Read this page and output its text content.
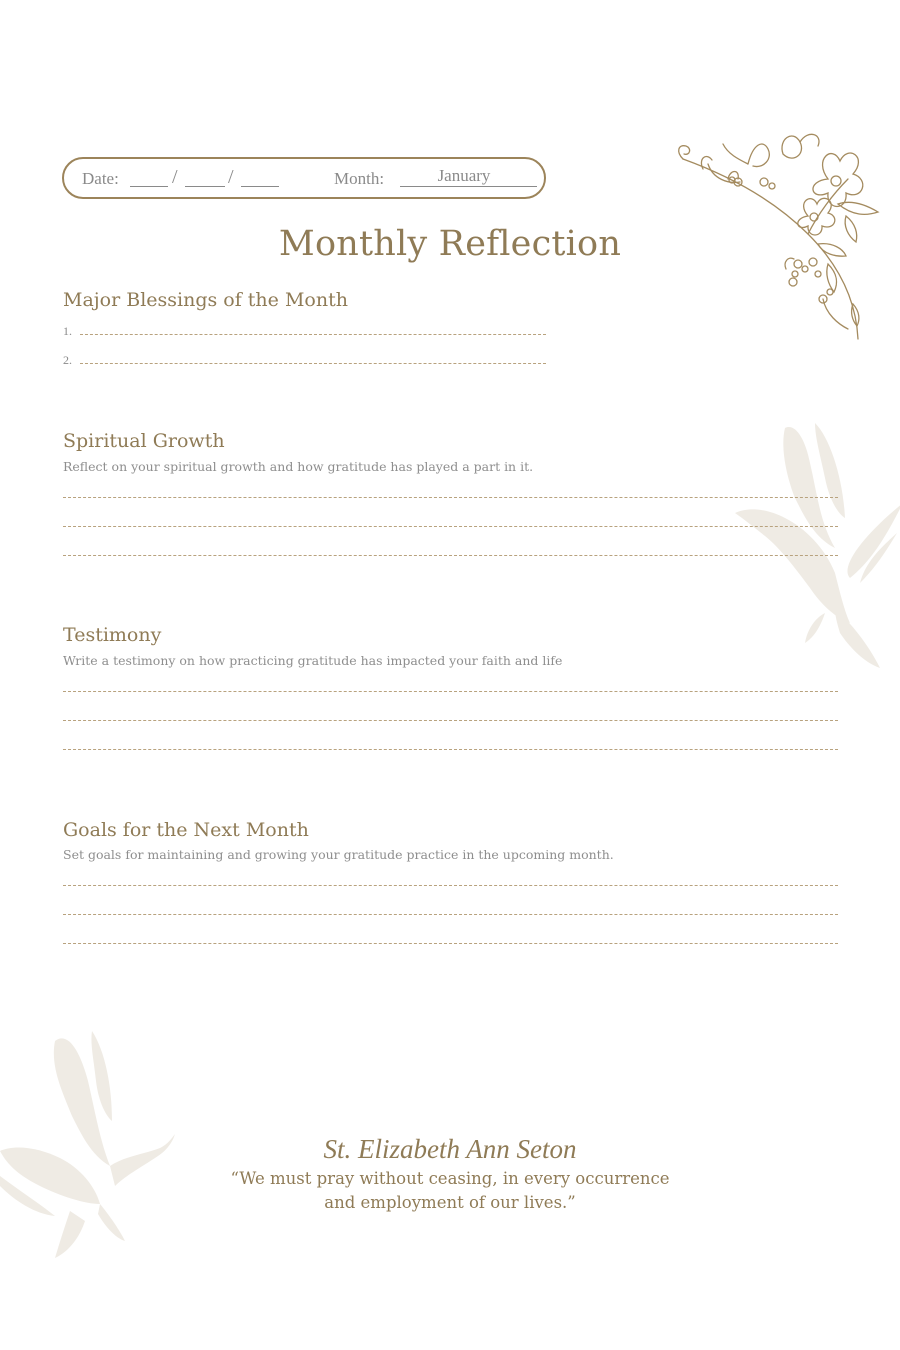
Date:	/	/	Month:	January
Monthly Reflection
Major Blessings of the Month
1.
2.
Spiritual Growth
Reflect on your spiritual growth and how gratitude has played a part in it.
Testimony
Write a testimony on how practicing gratitude has impacted your faith and life
Goals for the Next Month
Set goals for maintaining and growing your gratitude practice in the upcoming month.
St. Elizabeth Ann Seton
“We must pray without ceasing, in every occurrence
and employment of our lives.”
